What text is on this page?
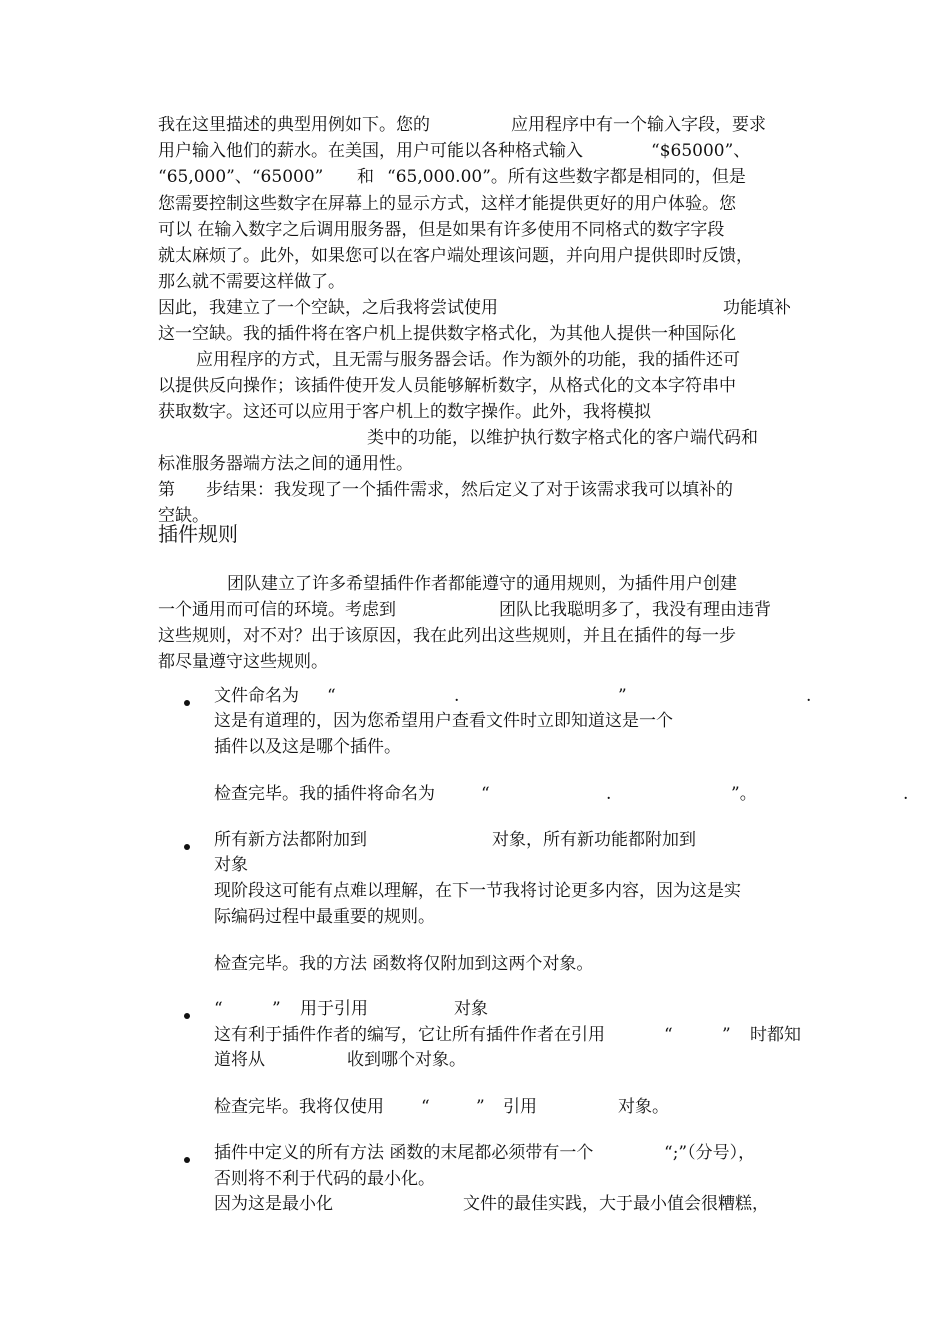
我在这里描述的典型用例如下。您的	应用程序中有一个输入字段，要求
用户输入他们的薪水。在美国，用户可能以各种格式输入	“$65000”、
“65,000”、“65000” 和 “65,000.00”。所有这些数字都是相同的，但是
您需要控制这些数字在屏幕上的显示方式，这样才能提供更好的用户体验。您
可以 在输入数字之后调用服务器，但是如果有许多使用不同格式的数字字段
就太麻烦了。此外，如果您可以在客户端处理该问题，并向用户提供即时反馈，
那么就不需要这样做了。
因此，我建立了一个空缺，之后我将尝试使用	功能填补
这一空缺。我的插件将在客户机上提供数字格式化，为其他人提供一种国际化
应用程序的方式，且无需与服务器会话。作为额外的功能，我的插件还可
以提供反向操作；该插件使开发人员能够解析数字，从格式化的文本字符串中
获取数字。这还可以应用于客户机上的数字操作。此外，我将模拟
类中的功能，以维护执行数字格式化的客户端代码和
标准服务器端方法之间的通用性。
第 步结果：我发现了一个插件需求，然后定义了对于该需求我可以填补的
空缺。
插件规则
团队建立了许多希望插件作者都能遵守的通用规则，为插件用户创建
一个通用而可信的环境。考虑到	团队比我聪明多了，我没有理由违背
这些规则，对不对？出于该原因，我在此列出这些规则，并且在插件的每一步
都尽量遵守这些规则。
文件命名为 “	.	”	.
这是有道理的，因为您希望用户查看文件时立即知道这是一个
插件以及这是哪个插件。
检查完毕。我的插件将命名为	“	.	”。	.
所有新方法都附加到	对象，所有新功能都附加到
对象
现阶段这可能有点难以理解，在下一节我将讨论更多内容，因为这是实
际编码过程中最重要的规则。
检查完毕。我的方法 函数将仅附加到这两个对象。
“	” 用于引用	对象
这有利于插件作者的编写，它让所有插件作者在引用	“	” 时都知
道将从	收到哪个对象。
检查完毕。我将仅使用 “	” 引用	对象。
插件中定义的所有方法 函数的末尾都必须带有一个	“;”（分号），
否则将不利于代码的最小化。
因为这是最小化	文件的最佳实践，大于最小值会很糟糕，
